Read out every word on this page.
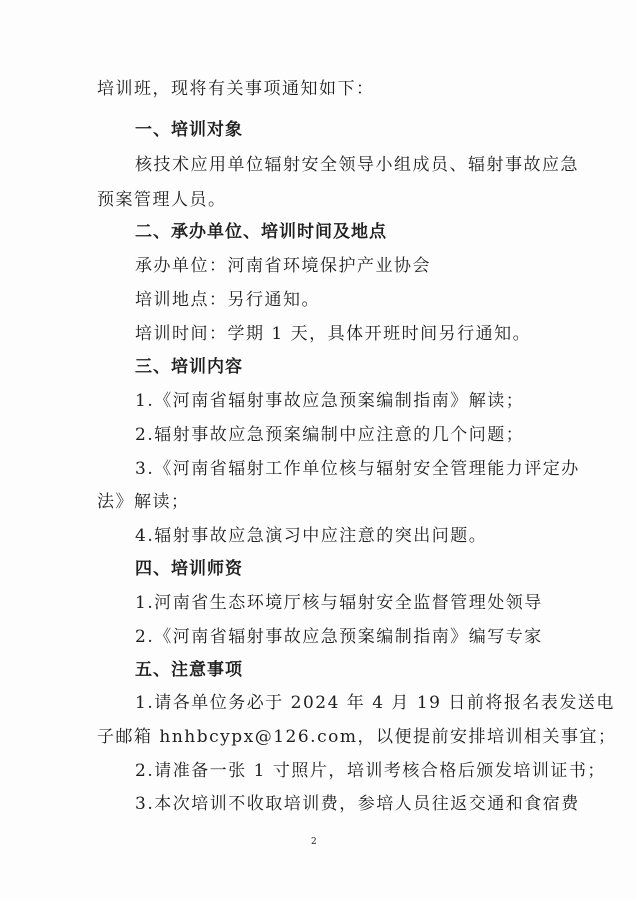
培训班，现将有关事项通知如下：
一、培训对象
核技术应用单位辐射安全领导小组成员、辐射事故应急
预案管理人员。
二、承办单位、培训时间及地点
承办单位：河南省环境保护产业协会
培训地点：另行通知。
培训时间：学期 1 天，具体开班时间另行通知。
三、培训内容
1.《河南省辐射事故应急预案编制指南》解读；
2.辐射事故应急预案编制中应注意的几个问题；
3.《河南省辐射工作单位核与辐射安全管理能力评定办
法》解读；
4.辐射事故应急演习中应注意的突出问题。
四、培训师资
1.河南省生态环境厅核与辐射安全监督管理处领导
2.《河南省辐射事故应急预案编制指南》编写专家
五、注意事项
1.请各单位务必于 2024 年 4 月 19 日前将报名表发送电
子邮箱 hnhbcypx@126.com，以便提前安排培训相关事宜；
2.请准备一张 1 寸照片，培训考核合格后颁发培训证书；
3.本次培训不收取培训费，参培人员往返交通和食宿费
2
